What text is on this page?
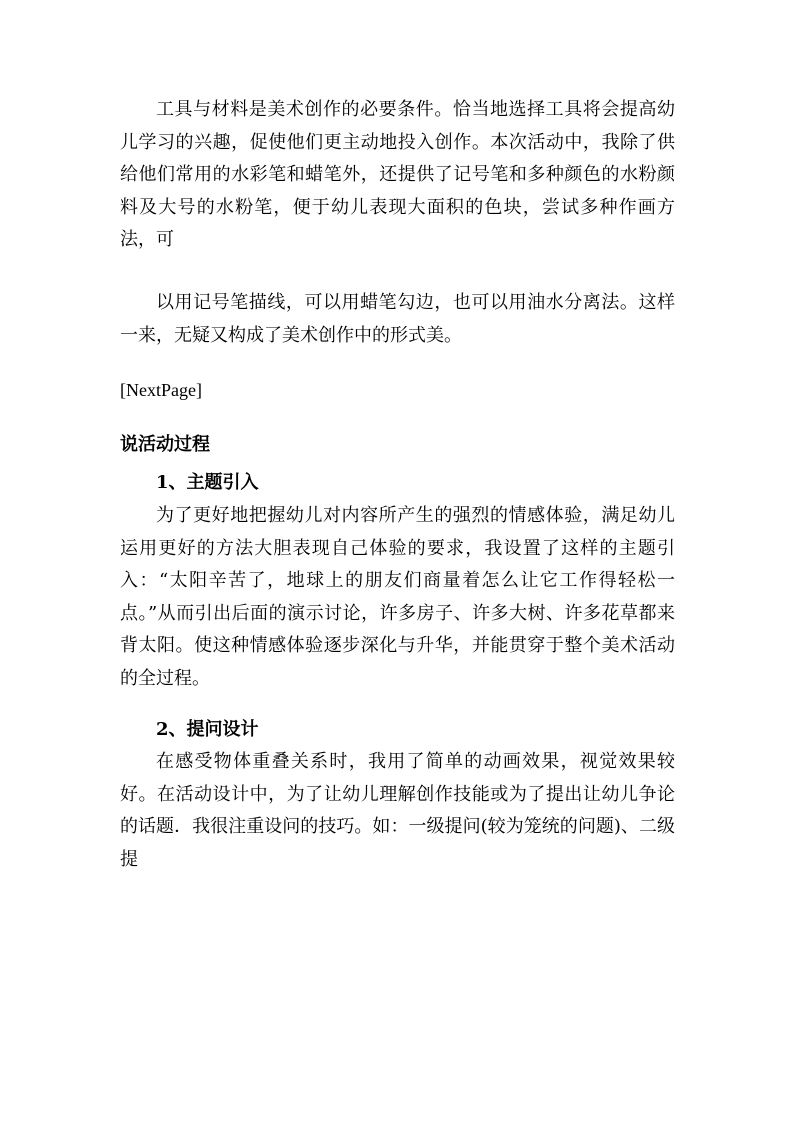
工具与材料是美术创作的必要条件。恰当地选择工具将会提高幼儿学习的兴趣，促使他们更主动地投入创作。本次活动中，我除了供给他们常用的水彩笔和蜡笔外，还提供了记号笔和多种颜色的水粉颜料及大号的水粉笔，便于幼儿表现大面积的色块，尝试多种作画方法，可

以用记号笔描线，可以用蜡笔勾边，也可以用油水分离法。这样一来，无疑又构成了美术创作中的形式美。

[NextPage]

说活动过程

1、主题引入

为了更好地把握幼儿对内容所产生的强烈的情感体验，满足幼儿运用更好的方法大胆表现自己体验的要求，我设置了这样的主题引入：“太阳辛苦了，地球上的朋友们商量着怎么让它工作得轻松一点。”从而引出后面的演示讨论，许多房子、许多大树、许多花草都来背太阳。使这种情感体验逐步深化与升华，并能贯穿于整个美术活动的全过程。

2、提问设计

在感受物体重叠关系时，我用了简单的动画效果，视觉效果较好。在活动设计中，为了让幼儿理解创作技能或为了提出让幼儿争论的话题．我很注重设问的技巧。如：一级提问(较为笼统的问题)、二级提
